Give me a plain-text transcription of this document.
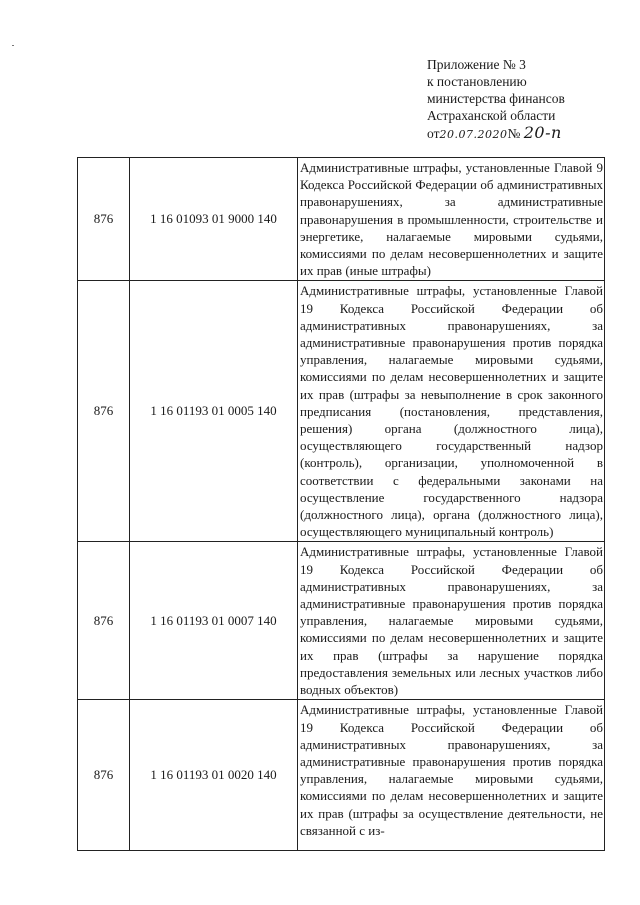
Приложение № 3
к постановлению
министерства финансов
Астраханской области
от20.07.2020№ 20-п
876	1 16 01093 01 9000 140	Административные штрафы, установленные Главой 9 Кодекса Российской Федерации об административных правонарушениях, за административные правонарушения в промышленности, строительстве и энергетике, налагаемые мировыми судьями, комиссиями по делам несовершеннолетних и защите их прав (иные штрафы)
876	1 16 01193 01 0005 140	Административные штрафы, установленные Главой 19 Кодекса Российской Федерации об административных правонарушениях, за административные правонарушения против порядка управления, налагаемые мировыми судьями, комиссиями по делам несовершеннолетних и защите их прав (штрафы за невыполнение в срок законного предписания (постановления, представления, решения) органа (должностного лица), осуществляющего государственный надзор (контроль), организации, уполномоченной в соответствии с федеральными законами на осуществление государственного надзора (должностного лица), органа (должностного лица), осуществляющего муниципальный контроль)
876	1 16 01193 01 0007 140	Административные штрафы, установленные Главой 19 Кодекса Российской Федерации об административных правонарушениях, за административные правонарушения против порядка управления, налагаемые мировыми судьями, комиссиями по делам несовершеннолетних и защите их прав (штрафы за нарушение порядка предоставления земельных или лесных участков либо водных объектов)
876	1 16 01193 01 0020 140	Административные штрафы, установленные Главой 19 Кодекса Российской Федерации об административных правонарушениях, за административные правонарушения против порядка управления, налагаемые мировыми судьями, комиссиями по делам несовершеннолетних и защите их прав (штрафы за осуществление деятельности, не связанной с из-
